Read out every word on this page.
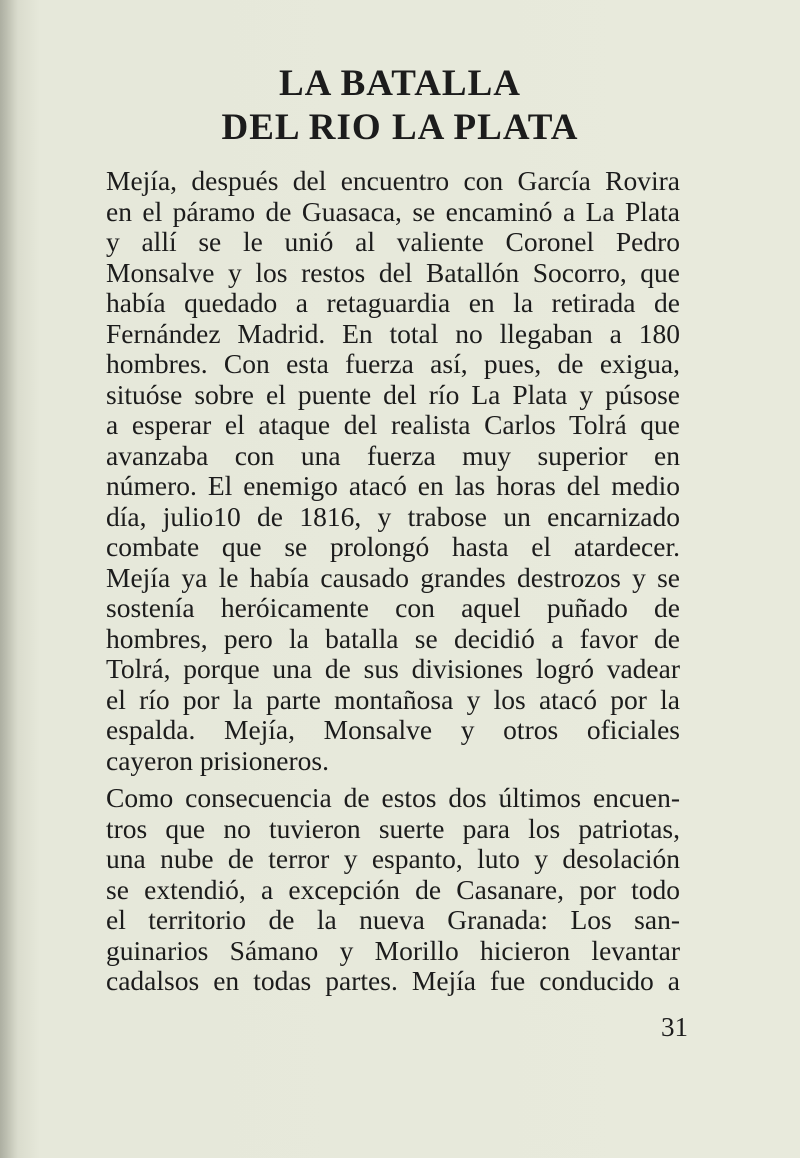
LA BATALLA
DEL RIO LA PLATA
Mejía, después del encuentro con García Rovira
en el páramo de Guasaca, se encaminó a La Plata
y allí se le unió al valiente Coronel Pedro
Monsalve y los restos del Batallón Socorro, que
había quedado a retaguardia en la retirada de
Fernández Madrid. En total no llegaban a 180
hombres. Con esta fuerza así, pues, de exigua,
situóse sobre el puente del río La Plata y púsose
a esperar el ataque del realista Carlos Tolrá que
avanzaba con una fuerza muy superior en
número. El enemigo atacó en las horas del medio
día, julio10 de 1816, y trabose un encarnizado
combate que se prolongó hasta el atardecer.
Mejía ya le había causado grandes destrozos y se
sostenía heróicamente con aquel puñado de
hombres, pero la batalla se decidió a favor de
Tolrá, porque una de sus divisiones logró vadear
el río por la parte montañosa y los atacó por la
espalda. Mejía, Monsalve y otros oficiales
cayeron prisioneros.
Como consecuencia de estos dos últimos encuen-
tros que no tuvieron suerte para los patriotas,
una nube de terror y espanto, luto y desolación
se extendió, a excepción de Casanare, por todo
el territorio de la nueva Granada: Los san-
guinarios Sámano y Morillo hicieron levantar
cadalsos en todas partes. Mejía fue conducido a
31
